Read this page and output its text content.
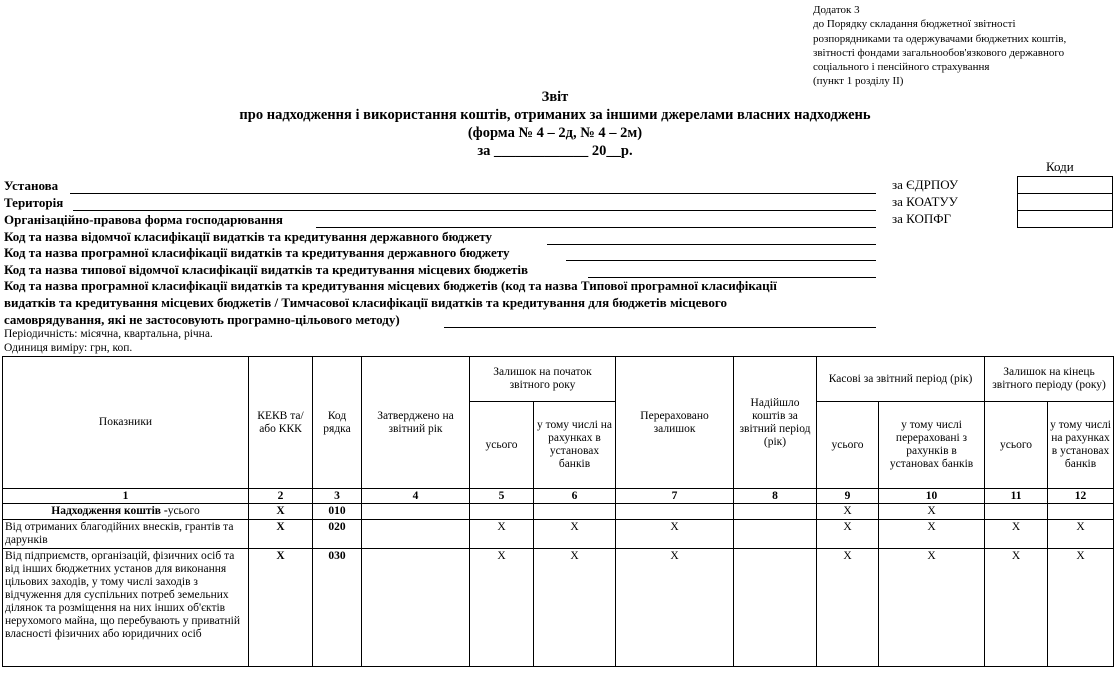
Додаток 3
до Порядку складання бюджетної звітності
розпорядниками та одержувачами бюджетних коштів,
звітності фондами загальнообов'язкового державного
соціального і пенсійного страхування
(пункт 1 розділу ІІ)
Звіт
про надходження і використання коштів, отриманих за іншими джерелами власних надходжень
(форма № 4 – 2д, № 4 – 2м)
за _____________ 20__р.
Коди
за ЄДРПОУ
за КОАТУУ
за КОПФГ
Установа
Територія
Організаційно-правова форма господарювання
Код та назва відомчої класифікації видатків та кредитування державного бюджету
Код та назва програмної класифікації видатків та кредитування державного бюджету
Код та назва типової відомчої класифікації видатків та кредитування місцевих бюджетів
Код та назва програмної класифікації видатків та кредитування місцевих бюджетів (код та назва Типової програмної класифікації
видатків та кредитування місцевих бюджетів / Тимчасової класифікації видатків та кредитування для бюджетів місцевого
самоврядування, які не застосовують програмно-цільового методу)
Періодичність: місячна, квартальна, річна.
Одиниця виміру: грн, коп.
Показники	КЕКВ та/або ККК	Код рядка	Затверджено на звітний рік	Залишок на початок звітного року		Перераховано залишок	Надійшло коштів за звітний період (рік)	Касові за звітний період (рік)		Залишок на кінець звітного періоду (року)	
				усього	у тому числі на рахунках в установах банків			усього	у тому числі перераховані з рахунків в установах банків	усього	у тому числі на рахунках в установах банків
1	2	3	4	5	6	7	8	9	10	11	12
Надходження коштів -усього	X	010						X	X		
Від отриманих благодійних внесків, грантів та дарунків	X	020		X	X	X		X	X	X	X
Від підприємств, організацій, фізичних осіб та від інших бюджетних установ для виконання цільових заходів, у тому числі заходів з відчуження для суспільних потреб земельних ділянок та розміщення на них інших об'єктів нерухомого майна, що перебувають у приватній власності фізичних або юридичних осіб	X	030		X	X	X		X	X	X	X
